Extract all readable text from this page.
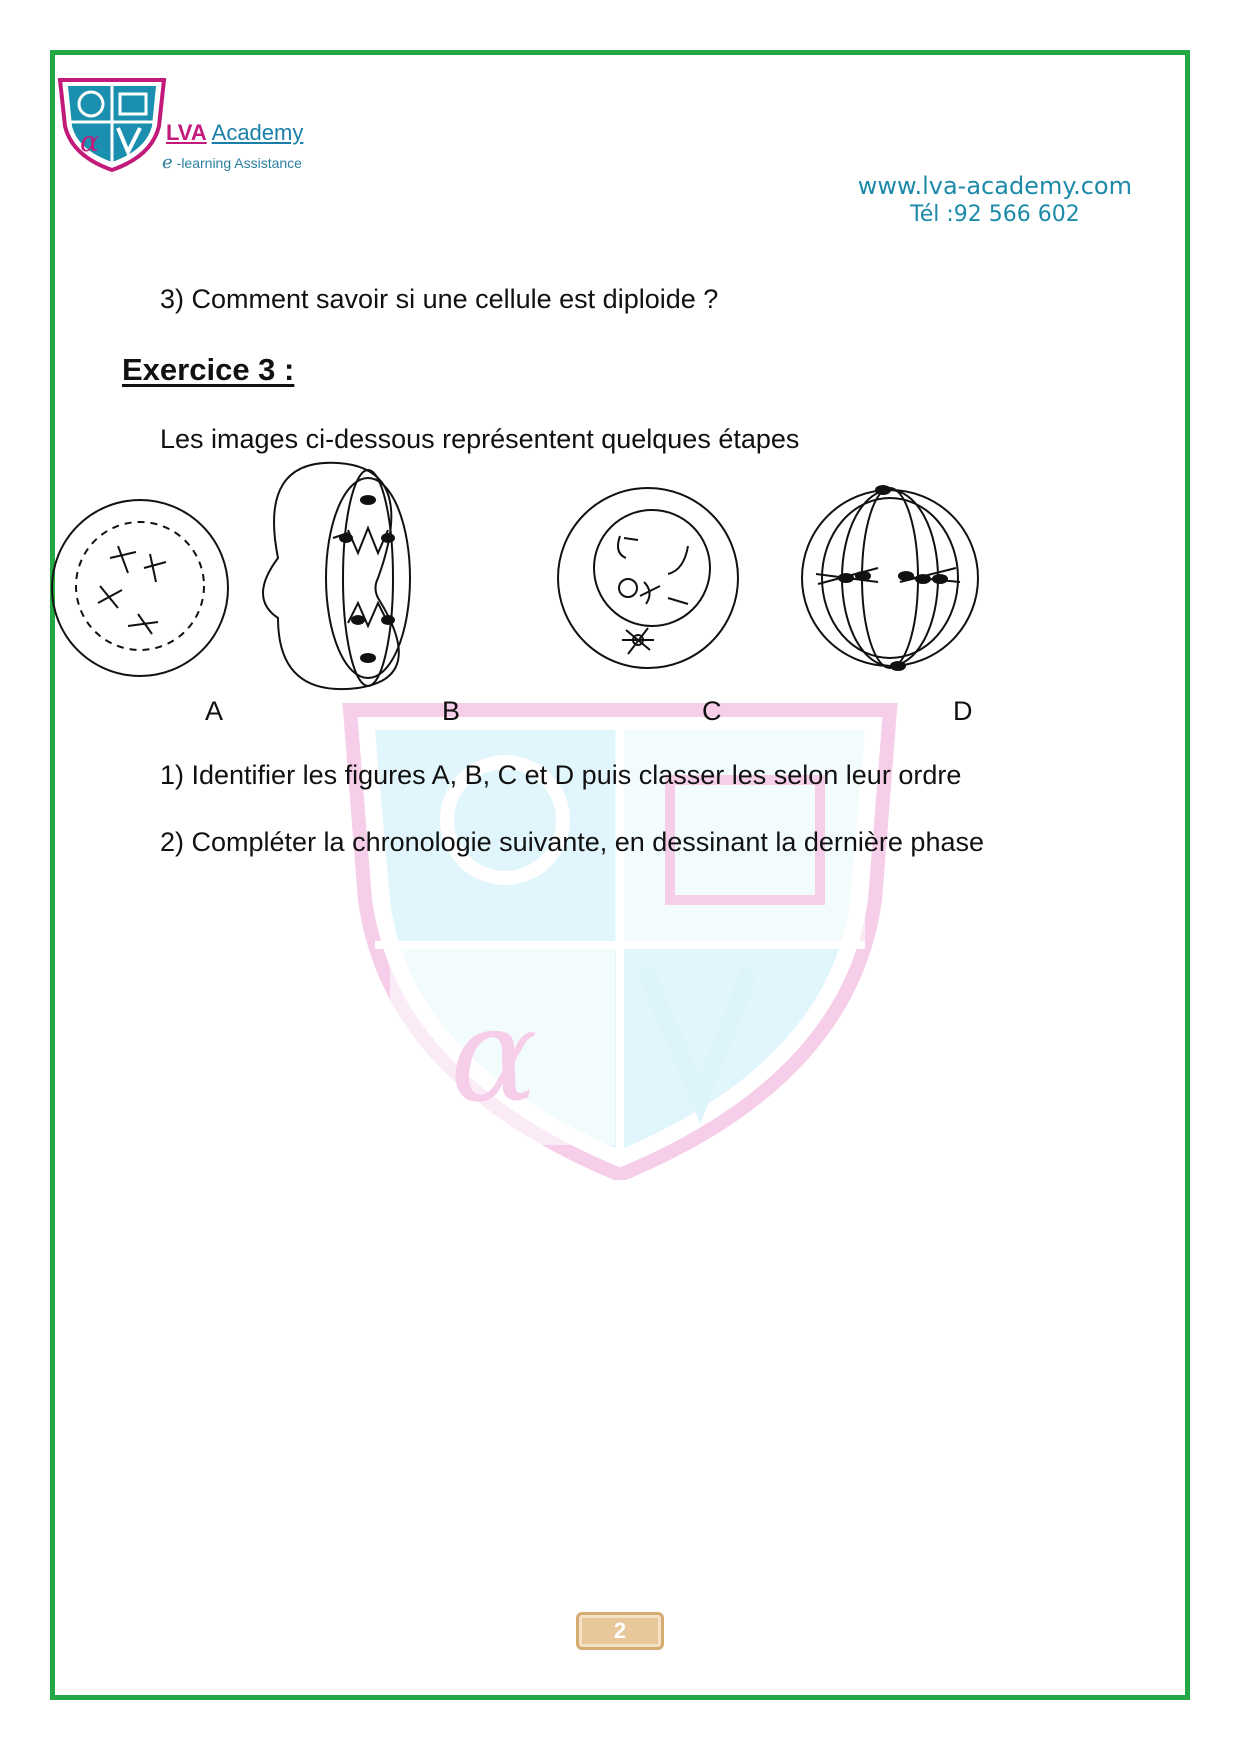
α
α	LVA Academy
e -learning Assistance
www.lva-academy.com
Tél :92 566 602
3) Comment savoir si une cellule est diploide ?
Exercice 3 :
Les images ci-dessous représentent quelques étapes
A	B	C	D
1) Identifier les figures A, B, C et D puis classer les selon leur ordre
2) Compléter la chronologie suivante, en dessinant la dernière phase
2
